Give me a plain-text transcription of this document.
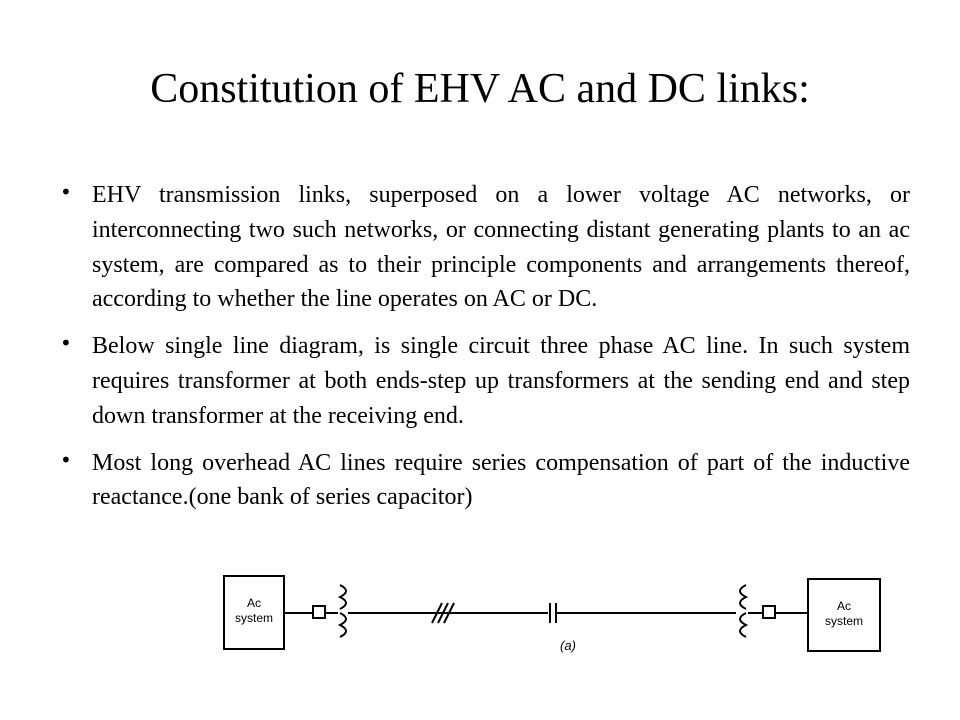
Constitution of EHV AC and DC links:
• EHV transmission links, superposed on a lower voltage AC networks, or interconnecting two such networks, or connecting distant generating plants to an ac system, are compared as to their principle components and arrangements thereof, according to whether the line operates on AC or DC.
• Below single line diagram, is single circuit three phase AC line. In such system requires transformer at both ends-step up transformers at the sending end and step down transformer at the receiving end.
• Most long overhead AC lines require series compensation of part of the inductive reactance.(one bank of series capacitor)
Ac
system
(a)
Ac
system
